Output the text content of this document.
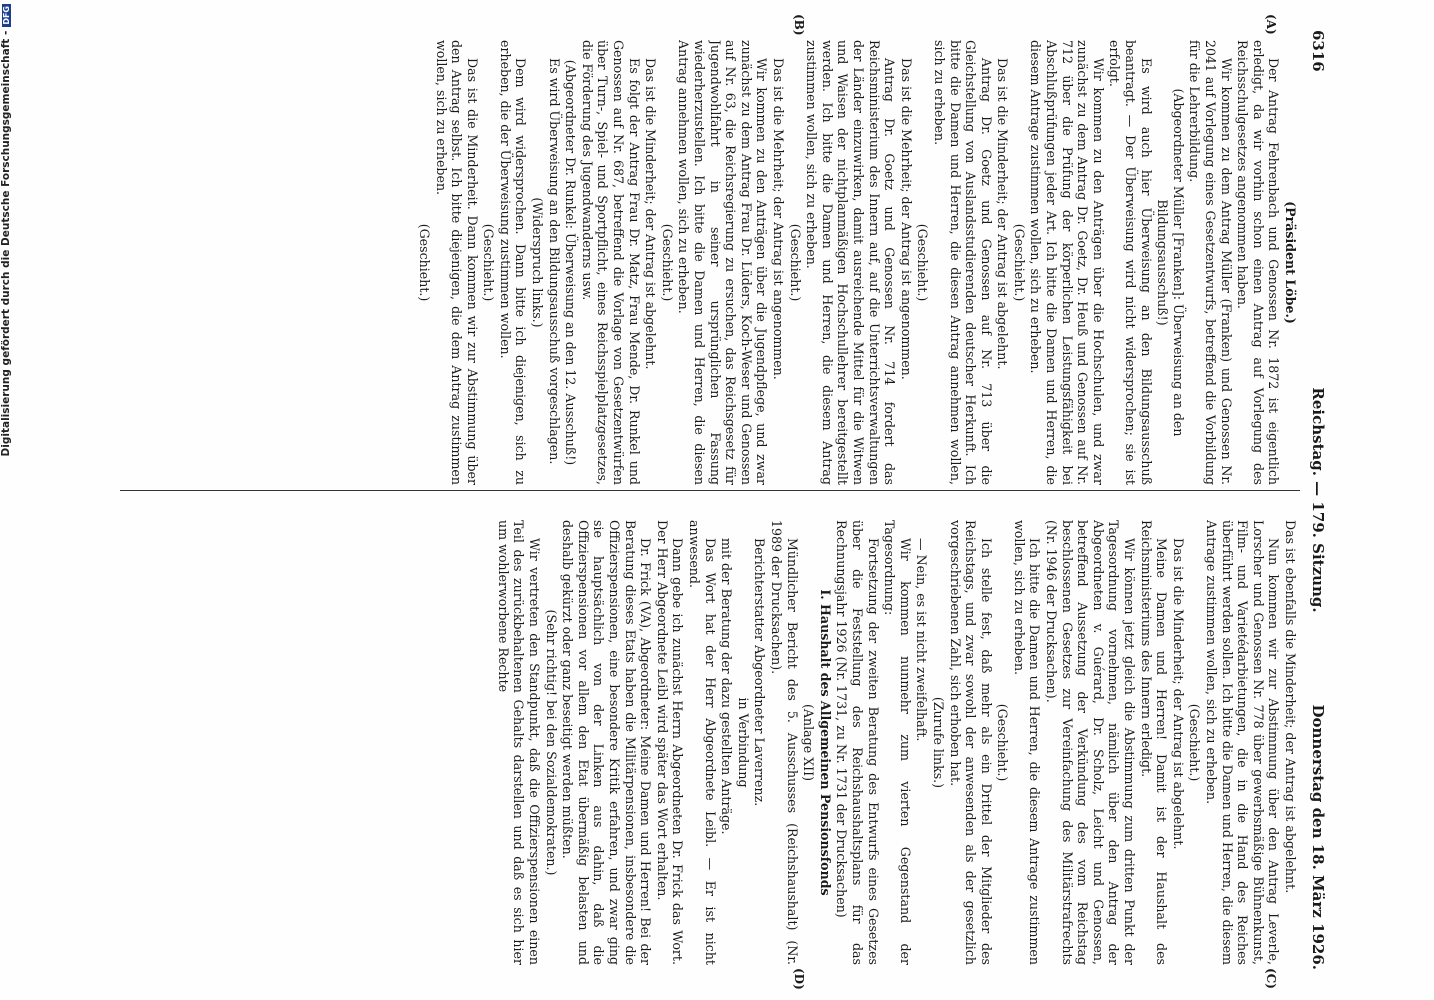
6316
Reichstag. — 179. Sitzung.
Donnerstag den 18. März 1926.
(A)
(B)
(C)
(D)

(Präsident Löbe.)

Der Antrag Fehrenbach und Genossen Nr. 1872 ist eigentlich erledigt, da wir vorhin schon einen Antrag auf Vorlegung des Reichsschulgesetzes angenommen haben.

Wir kommen zu dem Antrag Müller (Franken) und Genossen Nr. 2041 auf Vorlegung eines Gesetzentwurfs, betreffend die Vorbildung für die Lehrerbildung.

(Abgeordneter Müller [Franken]: Überweisung an den Bildungsausschuß!)

Es wird auch hier Überweisung an den Bildungsausschuß beantragt. — Der Überweisung wird nicht widersprochen; sie ist erfolgt.

Wir kommen zu den Anträgen über die Hochschulen, und zwar zunächst zu dem Antrag Dr. Goetz, Dr. Heuß und Genossen auf Nr. 712 über die Prüfung der körperlichen Leistungsfähigkeit bei Abschlußprüfungen jeder Art. Ich bitte die Damen und Herren, die diesem Antrage zustimmen wollen, sich zu erheben.

(Geschieht.)

Das ist die Minderheit; der Antrag ist abgelehnt.

Antrag Dr. Goetz und Genossen auf Nr. 713 über die Gleichstellung von Auslandsstudierenden deutscher Herkunft. Ich bitte die Damen und Herren, die diesen Antrag annehmen wollen, sich zu erheben.

(Geschieht.)

Das ist die Mehrheit; der Antrag ist angenommen.

Antrag Dr. Goetz und Genossen Nr. 714 fordert das Reichsministerium des Innern auf, auf die Unterrichtsverwaltungen der Länder einzuwirken, damit ausreichende Mittel für die Witwen und Waisen der nichtplanmäßigen Hochschullehrer bereitgestellt werden. Ich bitte die Damen und Herren, die diesem Antrag zustimmen wollen, sich zu erheben.

(Geschieht.)

Das ist die Mehrheit; der Antrag ist angenommen.

Wir kommen zu den Anträgen über die Jugendpflege, und zwar zunächst zu dem Antrag Frau Dr. Lüders, Koch-Weser und Genossen auf Nr. 63, die Reichsregierung zu ersuchen, das Reichsgesetz für Jugendwohlfahrt in seiner ursprünglichen Fassung wiederherzustellen. Ich bitte die Damen und Herren, die diesen Antrag annehmen wollen, sich zu erheben.

(Geschieht.)

Das ist die Minderheit; der Antrag ist abgelehnt.

Es folgt der Antrag Frau Dr. Matz, Frau Mende, Dr. Runkel und Genossen auf Nr. 687, betreffend die Vorlage von Gesetzentwürfen über Turn-, Spiel- und Sportpflicht, eines Reichsspielplatzgesetzes, die Förderung des Jugendwanderns usw.

(Abgeordneter Dr. Runkel: Überweisung an den 12. Ausschuß!)

Es wird Überweisung an den Bildungsausschuß vorgeschlagen.

(Widerspruch links.)

Dem wird widersprochen. Dann bitte ich diejenigen, sich zu erheben, die der Überweisung zustimmen wollen.

(Geschieht.)

Das ist die Minderheit. Dann kommen wir zur Abstimmung über den Antrag selbst. Ich bitte diejenigen, die dem Antrag zustimmen wollen, sich zu erheben.

(Geschieht.)

Das ist ebenfalls die Minderheit; der Antrag ist abgelehnt.

Nun kommen wir zur Abstimmung über den Antrag Leverle, Lorscher und Genossen Nr. 778 über gewerbsmäßige Bühnenkunst, Film- und Varietédarbietungen, die in die Hand des Reiches überführt werden sollen. Ich bitte die Damen und Herren, die diesem Antrage zustimmen wollen, sich zu erheben.

(Geschieht.)

Das ist die Minderheit; der Antrag ist abgelehnt.

Meine Damen und Herren! Damit ist der Haushalt des Reichsministeriums des Innern erledigt.

Wir können jetzt gleich die Abstimmung zum dritten Punkt der Tagesordnung vornehmen, nämlich über den Antrag der Abgeordneten v. Guérard, Dr. Scholz, Leicht und Genossen, betreffend Aussetzung der Verkündung des vom Reichstag beschlossenen Gesetzes zur Vereinfachung des Militärstrafrechts (Nr. 1946 der Drucksachen).

Ich bitte die Damen und Herren, die diesem Antrage zustimmen wollen, sich zu erheben.

(Geschieht.)

Ich stelle fest, daß mehr als ein Drittel der Mitglieder des Reichstags, und zwar sowohl der anwesenden als der gesetzlich vorgeschriebenen Zahl, sich erhoben hat.

(Zurufe links.)

— Nein, es ist nicht zweifelhaft.

Wir kommen nunmehr zum vierten Gegenstand der Tagesordnung:

Fortsetzung der zweiten Beratung des Entwurfs eines Gesetzes über die Feststellung des Reichshaushaltsplans für das Rechnungsjahr 1926 (Nr. 1731, zu Nr. 1731 der Drucksachen)

I. Haushalt des Allgemeinen Pensionsfonds

(Anlage XII)

Mündlicher Bericht des 5. Ausschusses (Reichshaushalt) (Nr. 1989 der Drucksachen).

Berichterstatter Abgeordneter Laverrenz.

in Verbindung

mit der Beratung der dazu gestellten Anträge.

Das Wort hat der Herr Abgeordnete Leibl. — Er ist nicht anwesend.

Dann gebe ich zunächst Herrn Abgeordneten Dr. Frick das Wort. Der Herr Abgeordnete Leibl wird später das Wort erhalten.

Dr. Frick (VA), Abgeordneter: Meine Damen und Herren! Bei der Beratung dieses Etats haben die Militärpensionen, insbesondere die Offizierspensionen, eine besondere Kritik erfahren, und zwar ging sie hauptsächlich von der Linken aus dahin, daß die Offizierspensionen vor allem den Etat übermäßig belasten und deshalb gekürzt oder ganz beseitigt werden müßten.

(Sehr richtig! bei den Sozialdemokraten.)

Wir vertreten den Standpunkt, daß die Offizierspensionen einen Teil des zurückbehaltenen Gehalts darstellen und daß es sich hier um wohlerworbene Rechte

Digitalisierung gefördert durch die Deutsche Forschungsgemeinschaft -DFG
